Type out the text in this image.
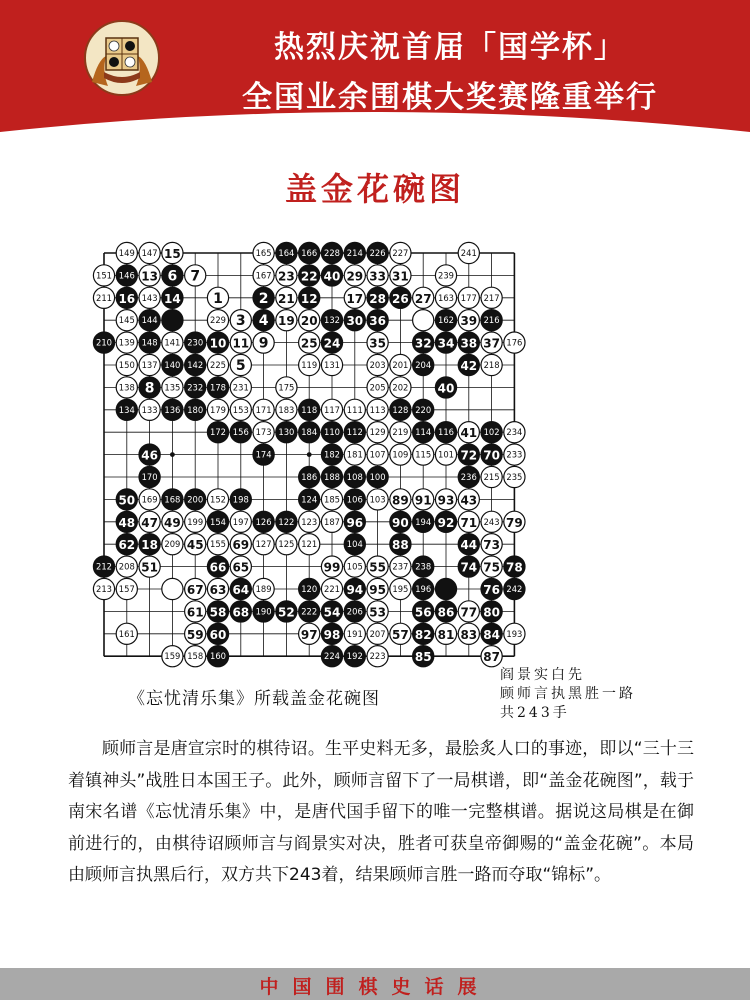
热烈庆祝首届「国学杯」
全国业余围棋大奖赛隆重举行
盖金花碗图
149 147 15	165 164 166 228 214 226 227	241
151 146 13 6 7	167 23 22 40 29 33 31	239
211 16 143 14 1	2 21 12 17 28 26 27 163 177 217
145 144	229 3 4 19 20 132 30 36	162 39 216
210 139 148 141 230 10 11 9	25 24 35 32 34 38 37 176
150 137 140 142 225 5	119 131	203 201 204 42 218
138 8 135 232 178 231	175	205 202 40
134 133 136 180 179 153 171 183 118 117 111 113 128 220
172 156 173 130 184 110 112 129 219 114 116 41 102 234
46	174	182 181 107 109 115 101 72 70 233
170	186 188 108 100	236 215 235
50 169 168 200 152 198	124 185 106 103 89 91 93 43
48 47 49 199 154 197 126 122 123 187 96 90 194 92 71 243 79
62 18 209 45 155 69 127 125 121	104 88	44 73
212 208 51	66 65	99 105 55 237 238 74 75 78
213 157	67 63 64 189	120 221 94 95 195 196	76 242
61 58 68 190 52 222 54 206 53 56 86 77 80
161	59 60	97 98 191 207 57 82 81 83 84 193
159 158 160	224 192 223 85	87
《忘忧清乐集》所载盖金花碗图
阎景实白先
顾师言执黑胜一路
共243手

顾师言是唐宣宗时的棋待诏。生平史料无多，最脍炙人口的事迹，即以“三十三着镇神头”战胜日本国王子。此外，顾师言留下了一局棋谱，即“盖金花碗图”，载于南宋名谱《忘忧清乐集》中，是唐代国手留下的唯一完整棋谱。据说这局棋是在御前进行的，由棋待诏顾师言与阎景实对决，胜者可获皇帝御赐的“盖金花碗”。本局由顾师言执黑后行，双方共下243着，结果顾师言胜一路而夺取“锦标”。

中国围棋史话展
